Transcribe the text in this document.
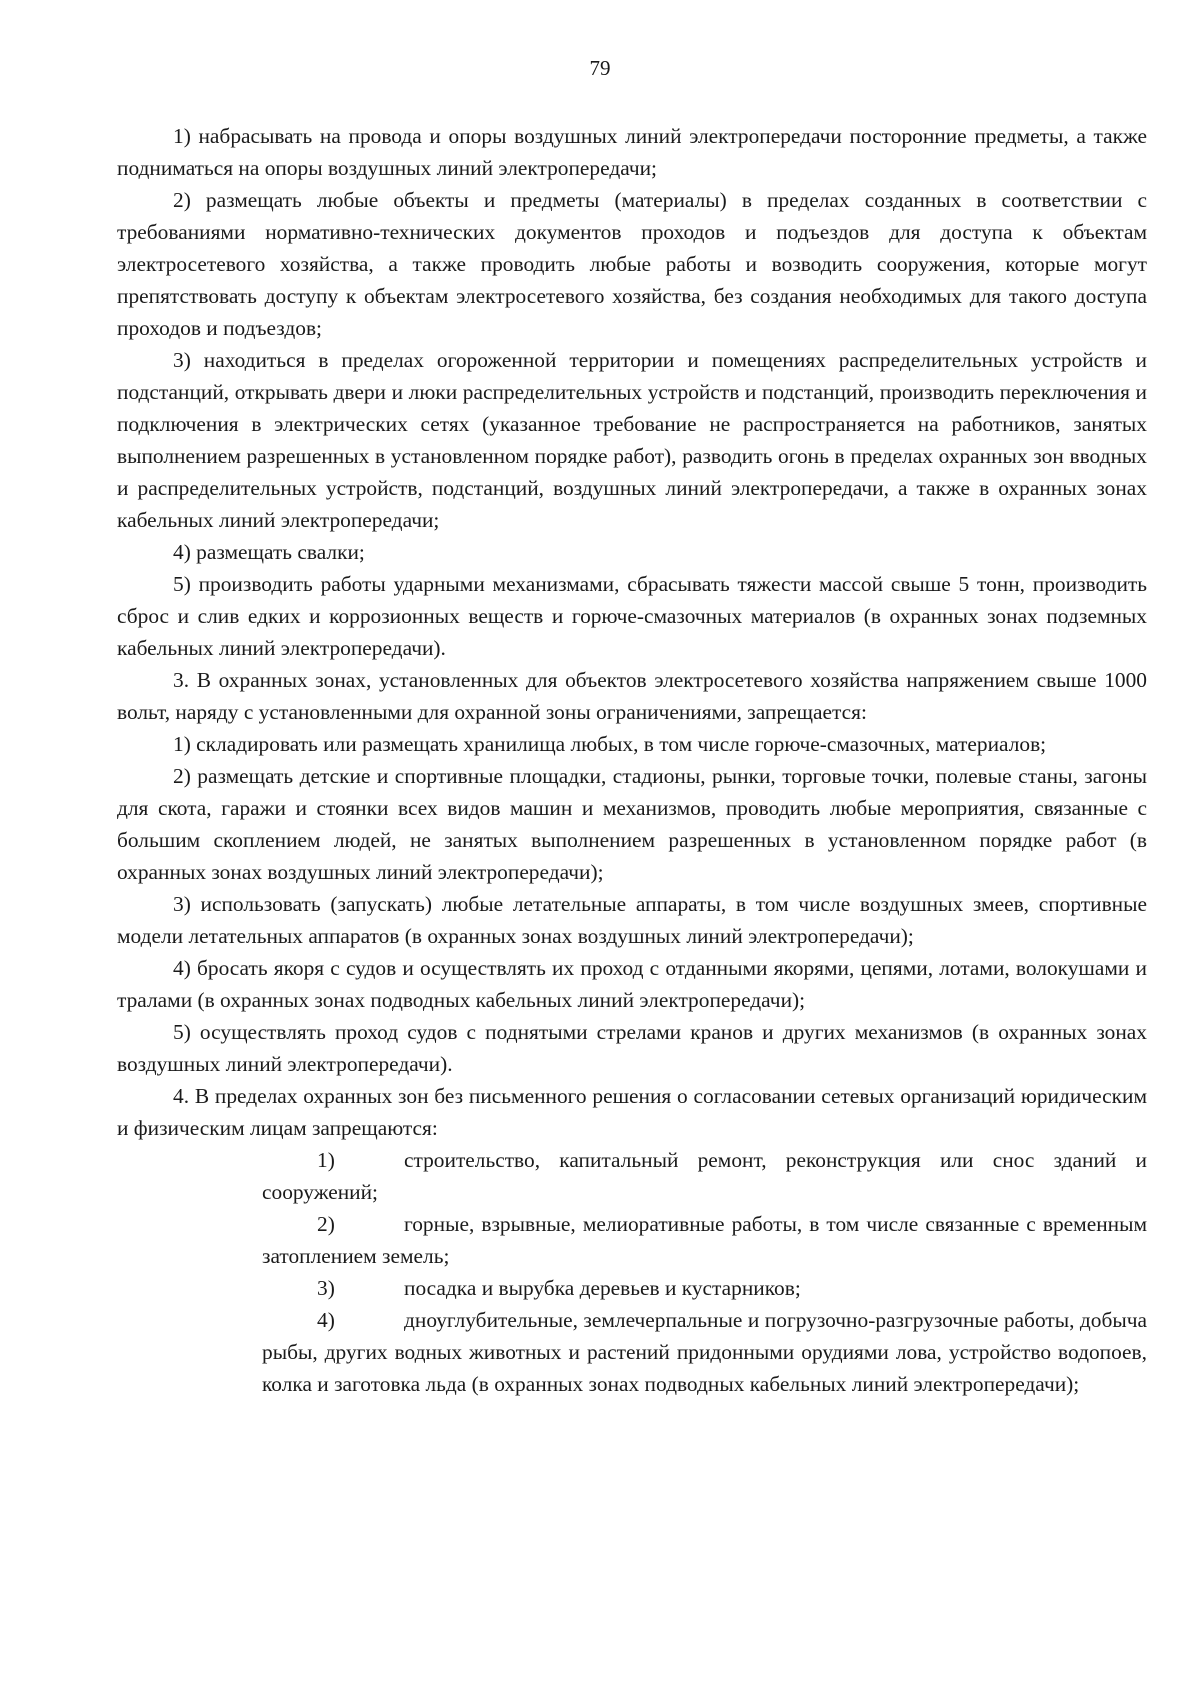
79

1) набрасывать на провода и опоры воздушных линий электропередачи посторонние предметы, а также подниматься на опоры воздушных линий электропередачи;

2) размещать любые объекты и предметы (материалы) в пределах созданных в соответствии с требованиями нормативно-технических документов проходов и подъездов для доступа к объектам электросетевого хозяйства, а также проводить любые работы и возводить сооружения, которые могут препятствовать доступу к объектам электросетевого хозяйства, без создания необходимых для такого доступа проходов и подъездов;

3) находиться в пределах огороженной территории и помещениях распределительных устройств и подстанций, открывать двери и люки распределительных устройств и подстанций, производить переключения и подключения в электрических сетях (указанное требование не распространяется на работников, занятых выполнением разрешенных в установленном порядке работ), разводить огонь в пределах охранных зон вводных и распределительных устройств, подстанций, воздушных линий электропередачи, а также в охранных зонах кабельных линий электропередачи;

4) размещать свалки;

5) производить работы ударными механизмами, сбрасывать тяжести массой свыше 5 тонн, производить сброс и слив едких и коррозионных веществ и горюче-смазочных материалов (в охранных зонах подземных кабельных линий электропередачи).

3. В охранных зонах, установленных для объектов электросетевого хозяйства напряжением свыше 1000 вольт, наряду с установленными для охранной зоны ограничениями, запрещается:

1) складировать или размещать хранилища любых, в том числе горюче-смазочных, материалов;

2) размещать детские и спортивные площадки, стадионы, рынки, торговые точки, полевые станы, загоны для скота, гаражи и стоянки всех видов машин и механизмов, проводить любые мероприятия, связанные с большим скоплением людей, не занятых выполнением разрешенных в установленном порядке работ (в охранных зонах воздушных линий электропередачи);

3) использовать (запускать) любые летательные аппараты, в том числе воздушных змеев, спортивные модели летательных аппаратов (в охранных зонах воздушных линий электропередачи);

4) бросать якоря с судов и осуществлять их проход с отданными якорями, цепями, лотами, волокушами и тралами (в охранных зонах подводных кабельных линий электропередачи);

5) осуществлять проход судов с поднятыми стрелами кранов и других механизмов (в охранных зонах воздушных линий электропередачи).

4. В пределах охранных зон без письменного решения о согласовании сетевых организаций юридическим и физическим лицам запрещаются:

1)	строительство, капитальный ремонт, реконструкция или снос зданий и сооружений;

2)	горные, взрывные, мелиоративные работы, в том числе связанные с временным затоплением земель;

3)	посадка и вырубка деревьев и кустарников;

4)	дноуглубительные, землечерпальные и погрузочно-разгрузочные работы, добыча рыбы, других водных животных и растений придонными орудиями лова, устройство водопоев, колка и заготовка льда (в охранных зонах подводных кабельных линий электропередачи);
